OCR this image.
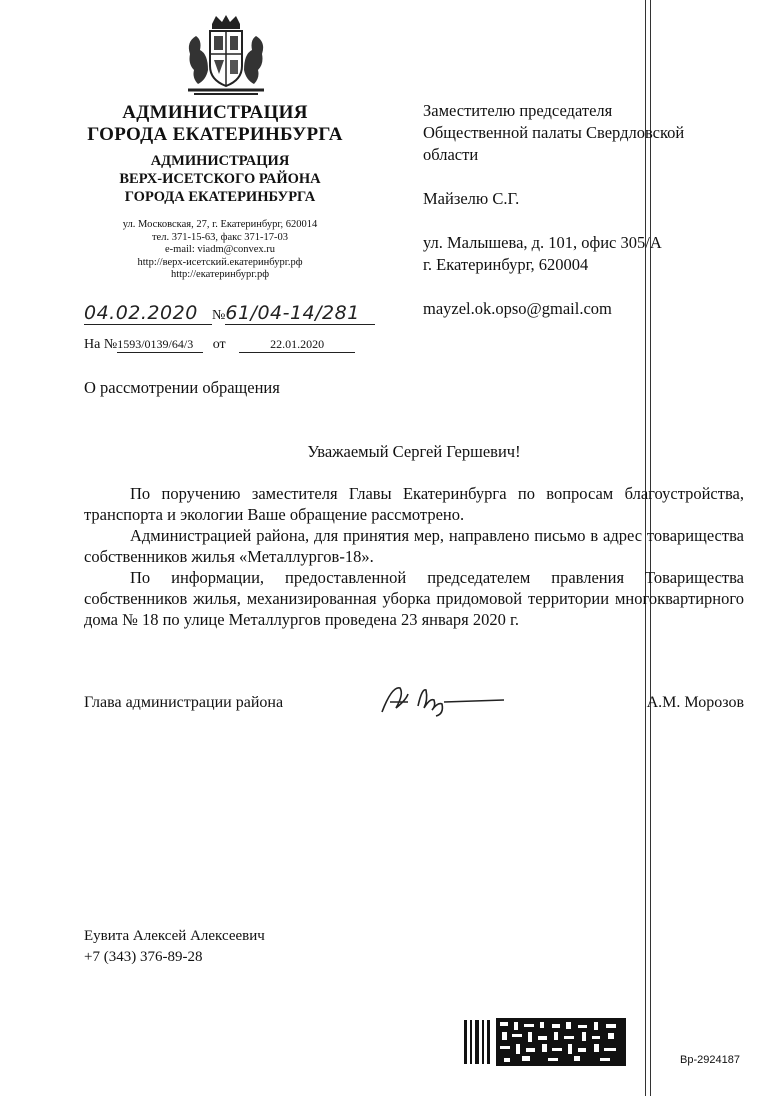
АДМИНИСТРАЦИЯ
ГОРОДА ЕКАТЕРИНБУРГА
АДМИНИСТРАЦИЯ
ВЕРХ-ИСЕТСКОГО РАЙОНА
ГОРОДА ЕКАТЕРИНБУРГА
ул. Московская, 27, г. Екатеринбург, 620014
тел. 371-15-63, факс 371-17-03
e-mail: viadm@convex.ru
http://верх-исетский.екатеринбург.рф
http://екатеринбург.рф
04.02.2020 №61/04-14/281
На №1593/0139/64/3 от	22.01.2020
Заместителю председателя
Общественной палаты Свердловской
области
Майзелю С.Г.
ул. Малышева, д. 101, офис 305/А
г. Екатеринбург, 620004
mayzel.ok.opso@gmail.com
О рассмотрении обращения
Уважаемый Сергей Гершевич!

По поручению заместителя Главы Екатеринбурга по вопросам благоустройства, транспорта и экологии Ваше обращение рассмотрено.

Администрацией района, для принятия мер, направлено письмо в адрес товарищества собственников жилья «Металлургов-18».

По информации, предоставленной председателем правления Товарищества собственников жилья, механизированная уборка придомовой территории многоквартирного дома № 18 по улице Металлургов проведена 23 января 2020 г.

Глава администрации района	А.М. Морозов
Еувита Алексей Алексеевич
+7 (343) 376-89-28
Вр-2924187
